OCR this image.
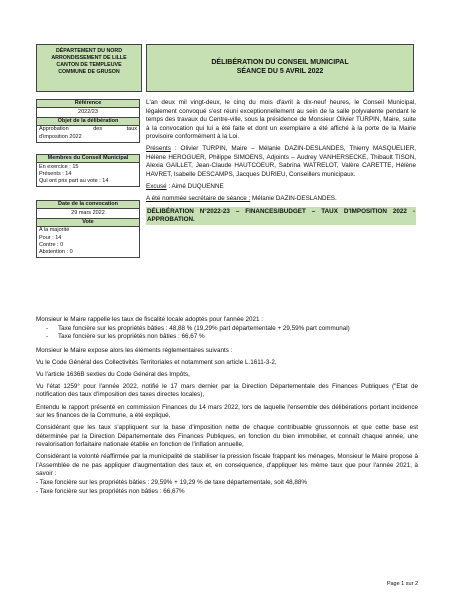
DÉPARTEMENT DU NORD
ARRONDISSEMENT DE LILLE
CANTON DE TEMPLEUVE
COMMUNE DE GRUSON
DÉLIBÉRATION DU CONSEIL MUNICIPAL
SÉANCE DU 5 AVRIL 2022
Référence
2022/23
Objet de la délibération
Approbation des taux
d'imposition 2022
Membres du Conseil Municipal
En exercice : 15
Présents : 14
Qui ont pris part au vote : 14
Date de la convocation
29 mars 2022
Vote
A la majorité
Pour : 14
Contre : 0
Abstention : 0

L'an deux mil vingt-deux, le cinq du mois d'avril à dix-neuf heures, le Conseil Municipal, légalement convoqué s'est réuni exceptionnellement au sein de la salle polyvalente pendant le temps des travaux du Centre-ville, sous la présidence de Monsieur Olivier TURPIN, Maire, suite à la convocation qui lui a été faite et dont un exemplaire a été affiché à la porte de la Mairie provisoire conformément à la Loi.

Présents : Olivier TURPIN, Maire – Mélanie DAZIN-DESLANDES, Thierry MASQUELIER, Hélène HEROGUER, Philippe SIMOENS, Adjoints – Audrey VANHERSECKE, Thibault TISON, Alexia GAILLET, Jean-Claude HAUTCOEUR, Sabrina WATRELOT, Valère CARETTE, Hélène HAVRET, Isabelle DESCAMPS, Jacques DURIEU, Conseillers municipaux.

Excusé : Aimé DUQUENNE

A été nommée secrétaire de séance : Mélanie DAZIN-DESLANDES.

DÉLIBÉRATION N°2022-23 – FINANCES/BUDGET – TAUX D'IMPOSITION 2022 - APPROBATION.

Monsieur le Maire rappelle les taux de fiscalité locale adoptés pour l'année 2021 :

- Taxe foncière sur les propriétés bâties : 48,88 % (19,29% part départementale + 29,59% part communal)
- Taxe foncière sur les propriétés non bâties : 66,67 %

Monsieur le Maire expose alors les éléments réglementaires suivants :

Vu le Code Général des Collectivités Territoriales et notamment son article L.1611-3-2,

Vu l'article 1636B sexties du Code Général des Impôts,

Vu l'état 1259° pour l'année 2022, notifié le 17 mars dernier par la Direction Départementale des Finances Publiques ("Etat de notification des taux d'imposition des taxes directes locales),

Entendu le rapport présenté en commission Finances du 14 mars 2022, lors de laquelle l'ensemble des délibérations portant incidence sur les finances de la Commune, a été expliqué,

Considérant que les taux s'appliquent sur la base d'imposition nette de chaque contribuable grussonnois et que cette base est déterminée par la Direction Départementale des Finances Publiques, en fonction du bien immobilier, et connaît chaque année, une revalorisation forfaitaire nationale établie en fonction de l'inflation annuelle,

Considérant la volonté réaffirmée par la municipalité de stabiliser la pression fiscale frappant les ménages, Monsieur le Maire propose à l'Assemblée de ne pas appliquer d'augmentation des taux et, en conséquence, d'appliquer les même taux que pour l'année 2021, à savoir :

- Taxe foncière sur les propriétés bâties : 29,59% + 19,29 % de taxe départementale, soit 48,88%
- Taxe foncière sur les propriétés non bâties : 66,67%
Page 1 sur 2
